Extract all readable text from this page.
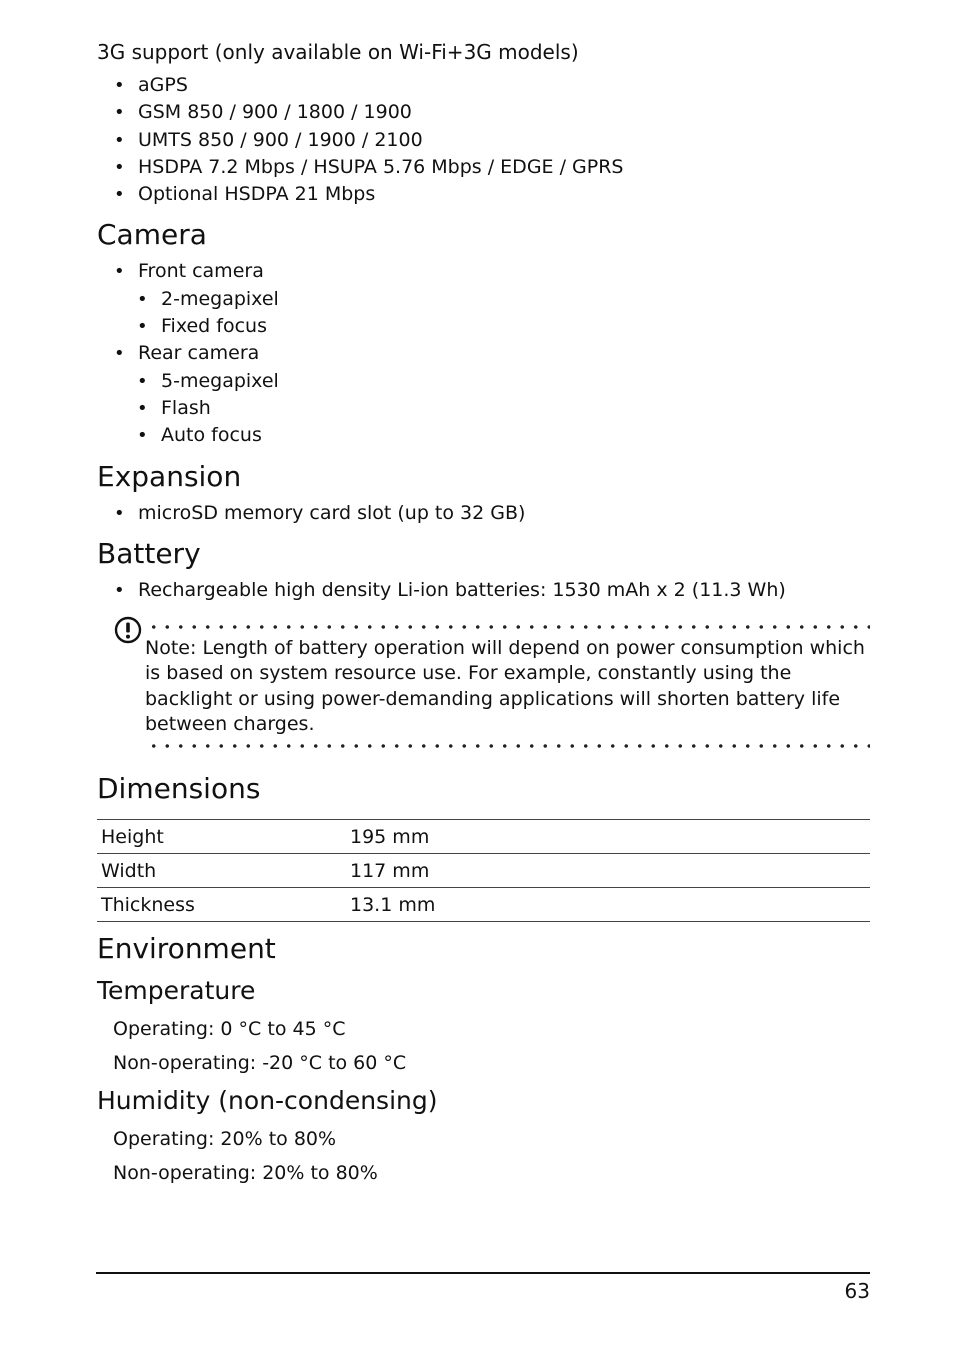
3G support (only available on Wi-Fi+3G models)

• aGPS
• GSM 850 / 900 / 1800 / 1900
• UMTS 850 / 900 / 1900 / 2100
• HSDPA 7.2 Mbps / HSUPA 5.76 Mbps / EDGE / GPRS
• Optional HSDPA 21 Mbps
Camera
• Front camera
• 2-megapixel
• Fixed focus
• Rear camera
• 5-megapixel
• Flash
• Auto focus
Expansion
• microSD memory card slot (up to 32 GB)
Battery
• Rechargeable high density Li-ion batteries: 1530 mAh x 2 (11.3 Wh)
Note: Length of battery operation will depend on power consumption which is based on system resource use. For example, constantly using the backlight or using power-demanding applications will shorten battery life between charges.
Dimensions
Height	195 mm
Width	117 mm
Thickness	13.1 mm
Environment
Temperature
Operating: 0 °C to 45 °C
Non-operating: -20 °C to 60 °C
Humidity (non-condensing)
Operating: 20% to 80%
Non-operating: 20% to 80%
63
